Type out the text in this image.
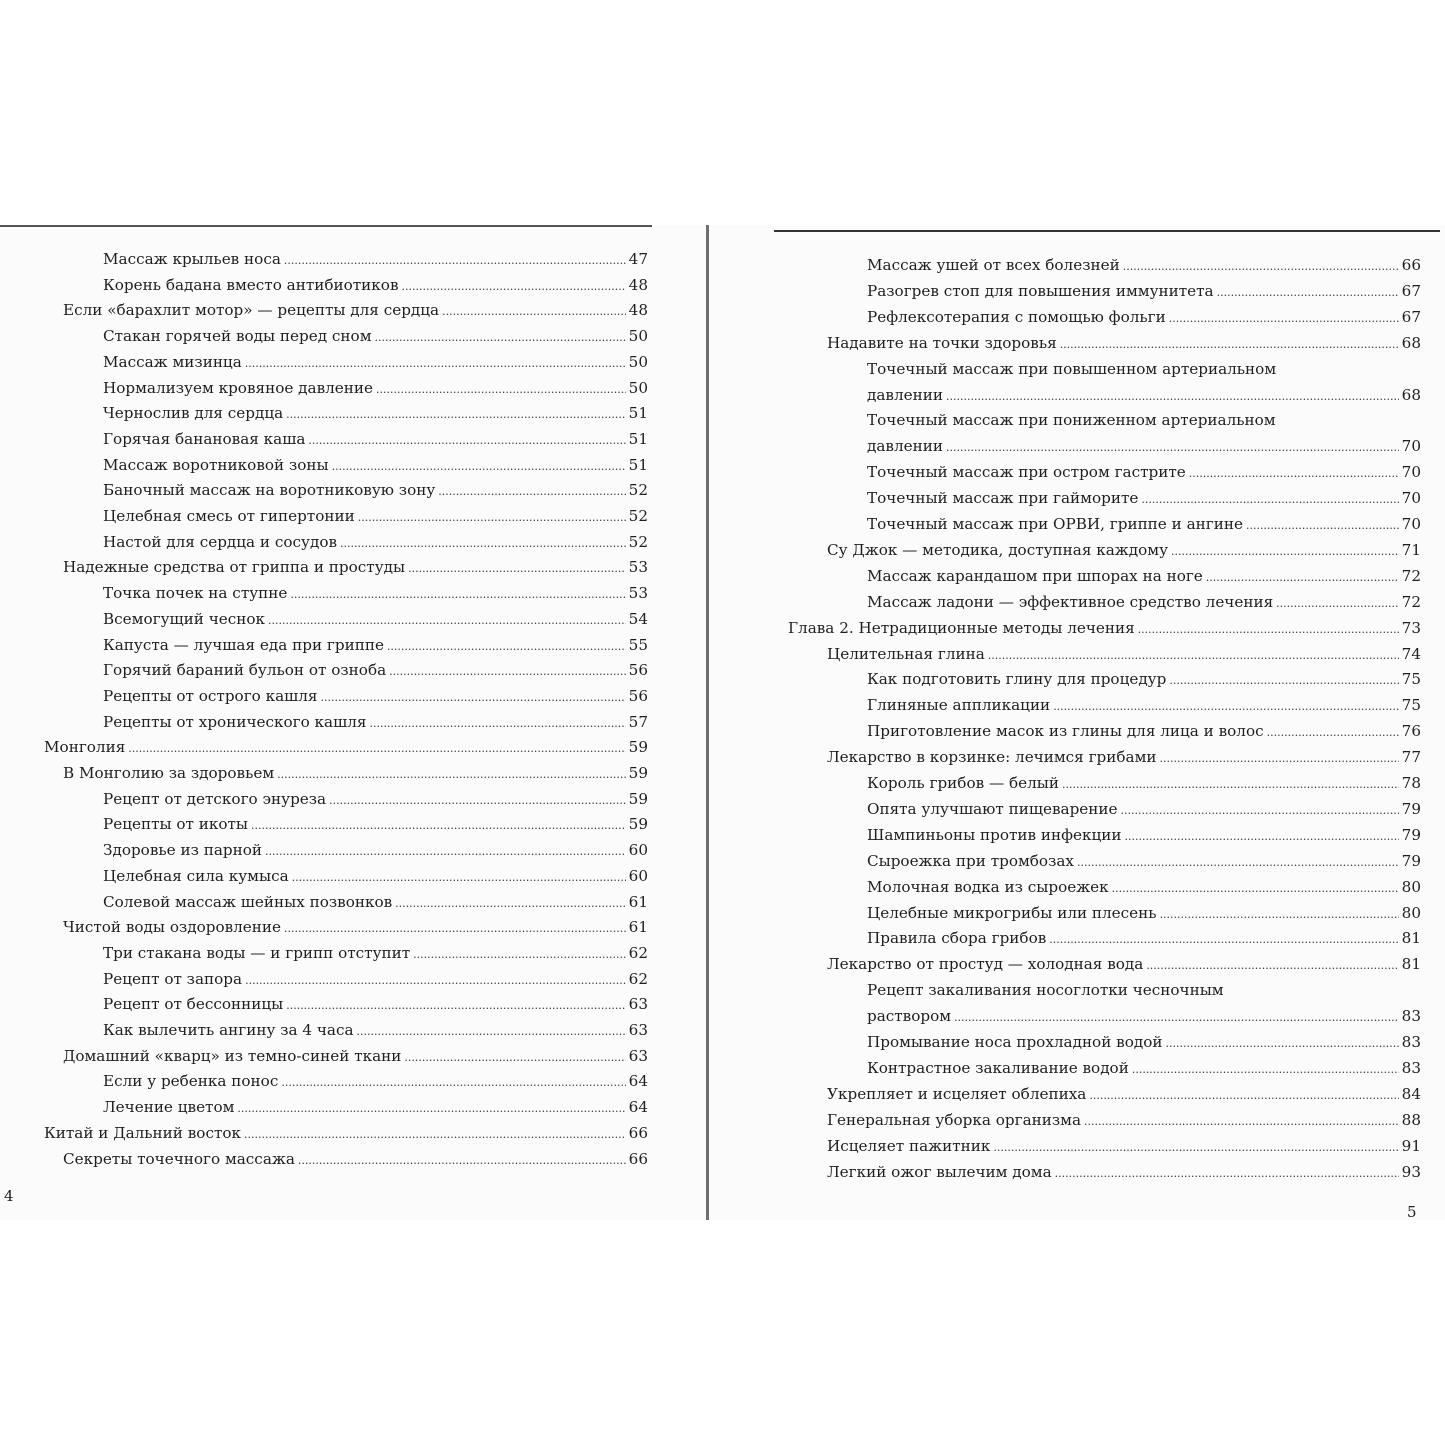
Массаж крыльев носа .....	47
Корень бадана вместо антибиотиков .....	48
Если «барахлит мотор» — рецепты для сердца .....	48
Стакан горячей воды перед сном .....	50
Массаж мизинца .....	50
Нормализуем кровяное давление .....	50
Чернослив для сердца .....	51
Горячая банановая каша .....	51
Массаж воротниковой зоны .....	51
Баночный массаж на воротниковую зону .....	52
Целебная смесь от гипертонии .....	52
Настой для сердца и сосудов .....	52
Надежные средства от гриппа и простуды .....	53
Точка почек на ступне .....	53
Всемогущий чеснок .....	54
Капуста — лучшая еда при гриппе .....	55
Горячий бараний бульон от озноба .....	56
Рецепты от острого кашля .....	56
Рецепты от хронического кашля .....	57
Монголия .....	59
В Монголию за здоровьем .....	59
Рецепт от детского энуреза .....	59
Рецепты от икоты .....	59
Здоровье из парной .....	60
Целебная сила кумыса .....	60
Солевой массаж шейных позвонков .....	61
Чистой воды оздоровление .....	61
Три стакана воды — и грипп отступит .....	62
Рецепт от запора .....	62
Рецепт от бессонницы .....	63
Как вылечить ангину за 4 часа .....	63
Домашний «кварц» из темно-синей ткани .....	63
Если у ребенка понос .....	64
Лечение цветом .....	64
Китай и Дальний восток .....	66
Секреты точечного массажа .....	66
4
Массаж ушей от всех болезней .....	66
Разогрев стоп для повышения иммунитета .....	67
Рефлексотерапия с помощью фольги .....	67
Надавите на точки здоровья .....	68
Точечный массаж при повышенном артериальном
давлении .....	68
Точечный массаж при пониженном артериальном
давлении .....	70
Точечный массаж при остром гастрите .....	70
Точечный массаж при гайморите .....	70
Точечный массаж при ОРВИ, гриппе и ангине .....	70
Су Джок — методика, доступная каждому .....	71
Массаж карандашом при шпорах на ноге .....	72
Массаж ладони — эффективное средство лечения .....	72
Глава 2. Нетрадиционные методы лечения .....	73
Целительная глина .....	74
Как подготовить глину для процедур .....	75
Глиняные аппликации .....	75
Приготовление масок из глины для лица и волос .....	76
Лекарство в корзинке: лечимся грибами .....	77
Король грибов — белый .....	78
Опята улучшают пищеварение .....	79
Шампиньоны против инфекции .....	79
Сыроежка при тромбозах .....	79
Молочная водка из сыроежек .....	80
Целебные микрогрибы или плесень .....	80
Правила сбора грибов .....	81
Лекарство от простуд — холодная вода .....	81
Рецепт закаливания носоглотки чесночным
раствором .....	83
Промывание носа прохладной водой .....	83
Контрастное закаливание водой .....	83
Укрепляет и исцеляет облепиха .....	84
Генеральная уборка организма .....	88
Исцеляет пажитник .....	91
Легкий ожог вылечим дома .....	93
5
